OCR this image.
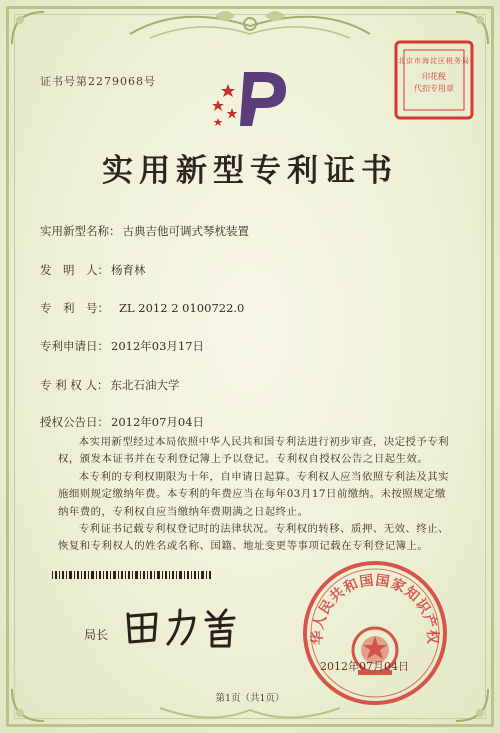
证书号第2279068号
北京市海淀区税务局
印花税
代扣专用章
实用新型专利证书
实用新型名称： 古典吉他可调式琴枕装置
发　明　人： 杨育林
专　利　号： ZL 2012 2 0100722.0
专利申请日： 2012年03月17日
专 利 权 人： 东北石油大学
授权公告日： 2012年07月04日

本实用新型经过本局依照中华人民共和国专利法进行初步审查，决定授予专利权，颁发本证书并在专利登记簿上予以登记。专利权自授权公告之日起生效。

本专利的专利权期限为十年，自申请日起算。专利权人应当依照专利法及其实施细则规定缴纳年费。本专利的年费应当在每年03月17日前缴纳。未按照规定缴纳年费的，专利权自应当缴纳年费期满之日起终止。

专利证书记载专利权登记时的法律状况。专利权的转移、质押、无效、终止、恢复和专利权人的姓名或名称、国籍、地址变更等事项记载在专利登记簿上。

局长	华人民共和国国家知识产权
2012年07月04日
第1页（共1页）
